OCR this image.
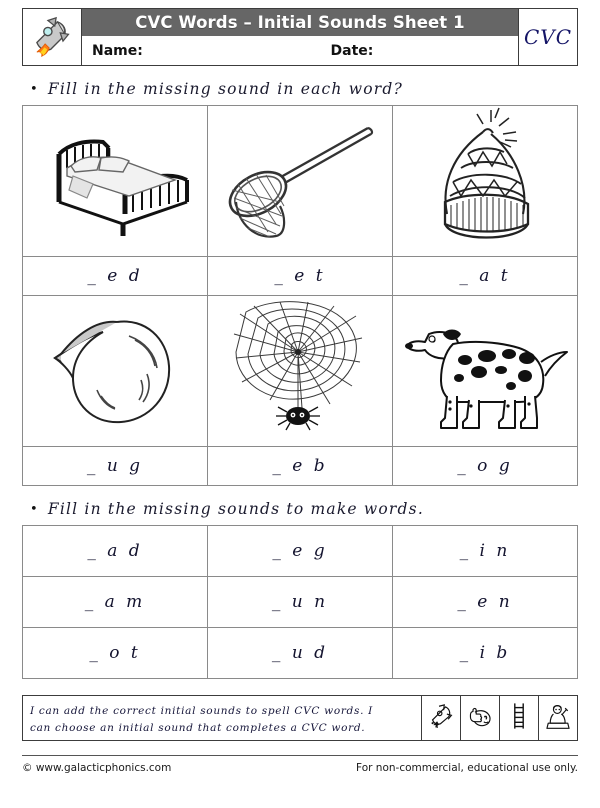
CVC Words – Initial Sounds Sheet 1
Name:	Date:
CVC
• Fill in the missing sound in each word?

_ e d	_ e t	_ a t

_ u g	_ e b	_ o g
• Fill in the missing sounds to make words.
_ a d	_ e g	_ i n
_ a m	_ u n	_ e n
_ o t	_ u d	_ i b
I can add the correct initial sounds to spell CVC words. I
can choose an initial sound that completes a CVC word.
© www.galacticphonics.com	For non-commercial, educational use only.
